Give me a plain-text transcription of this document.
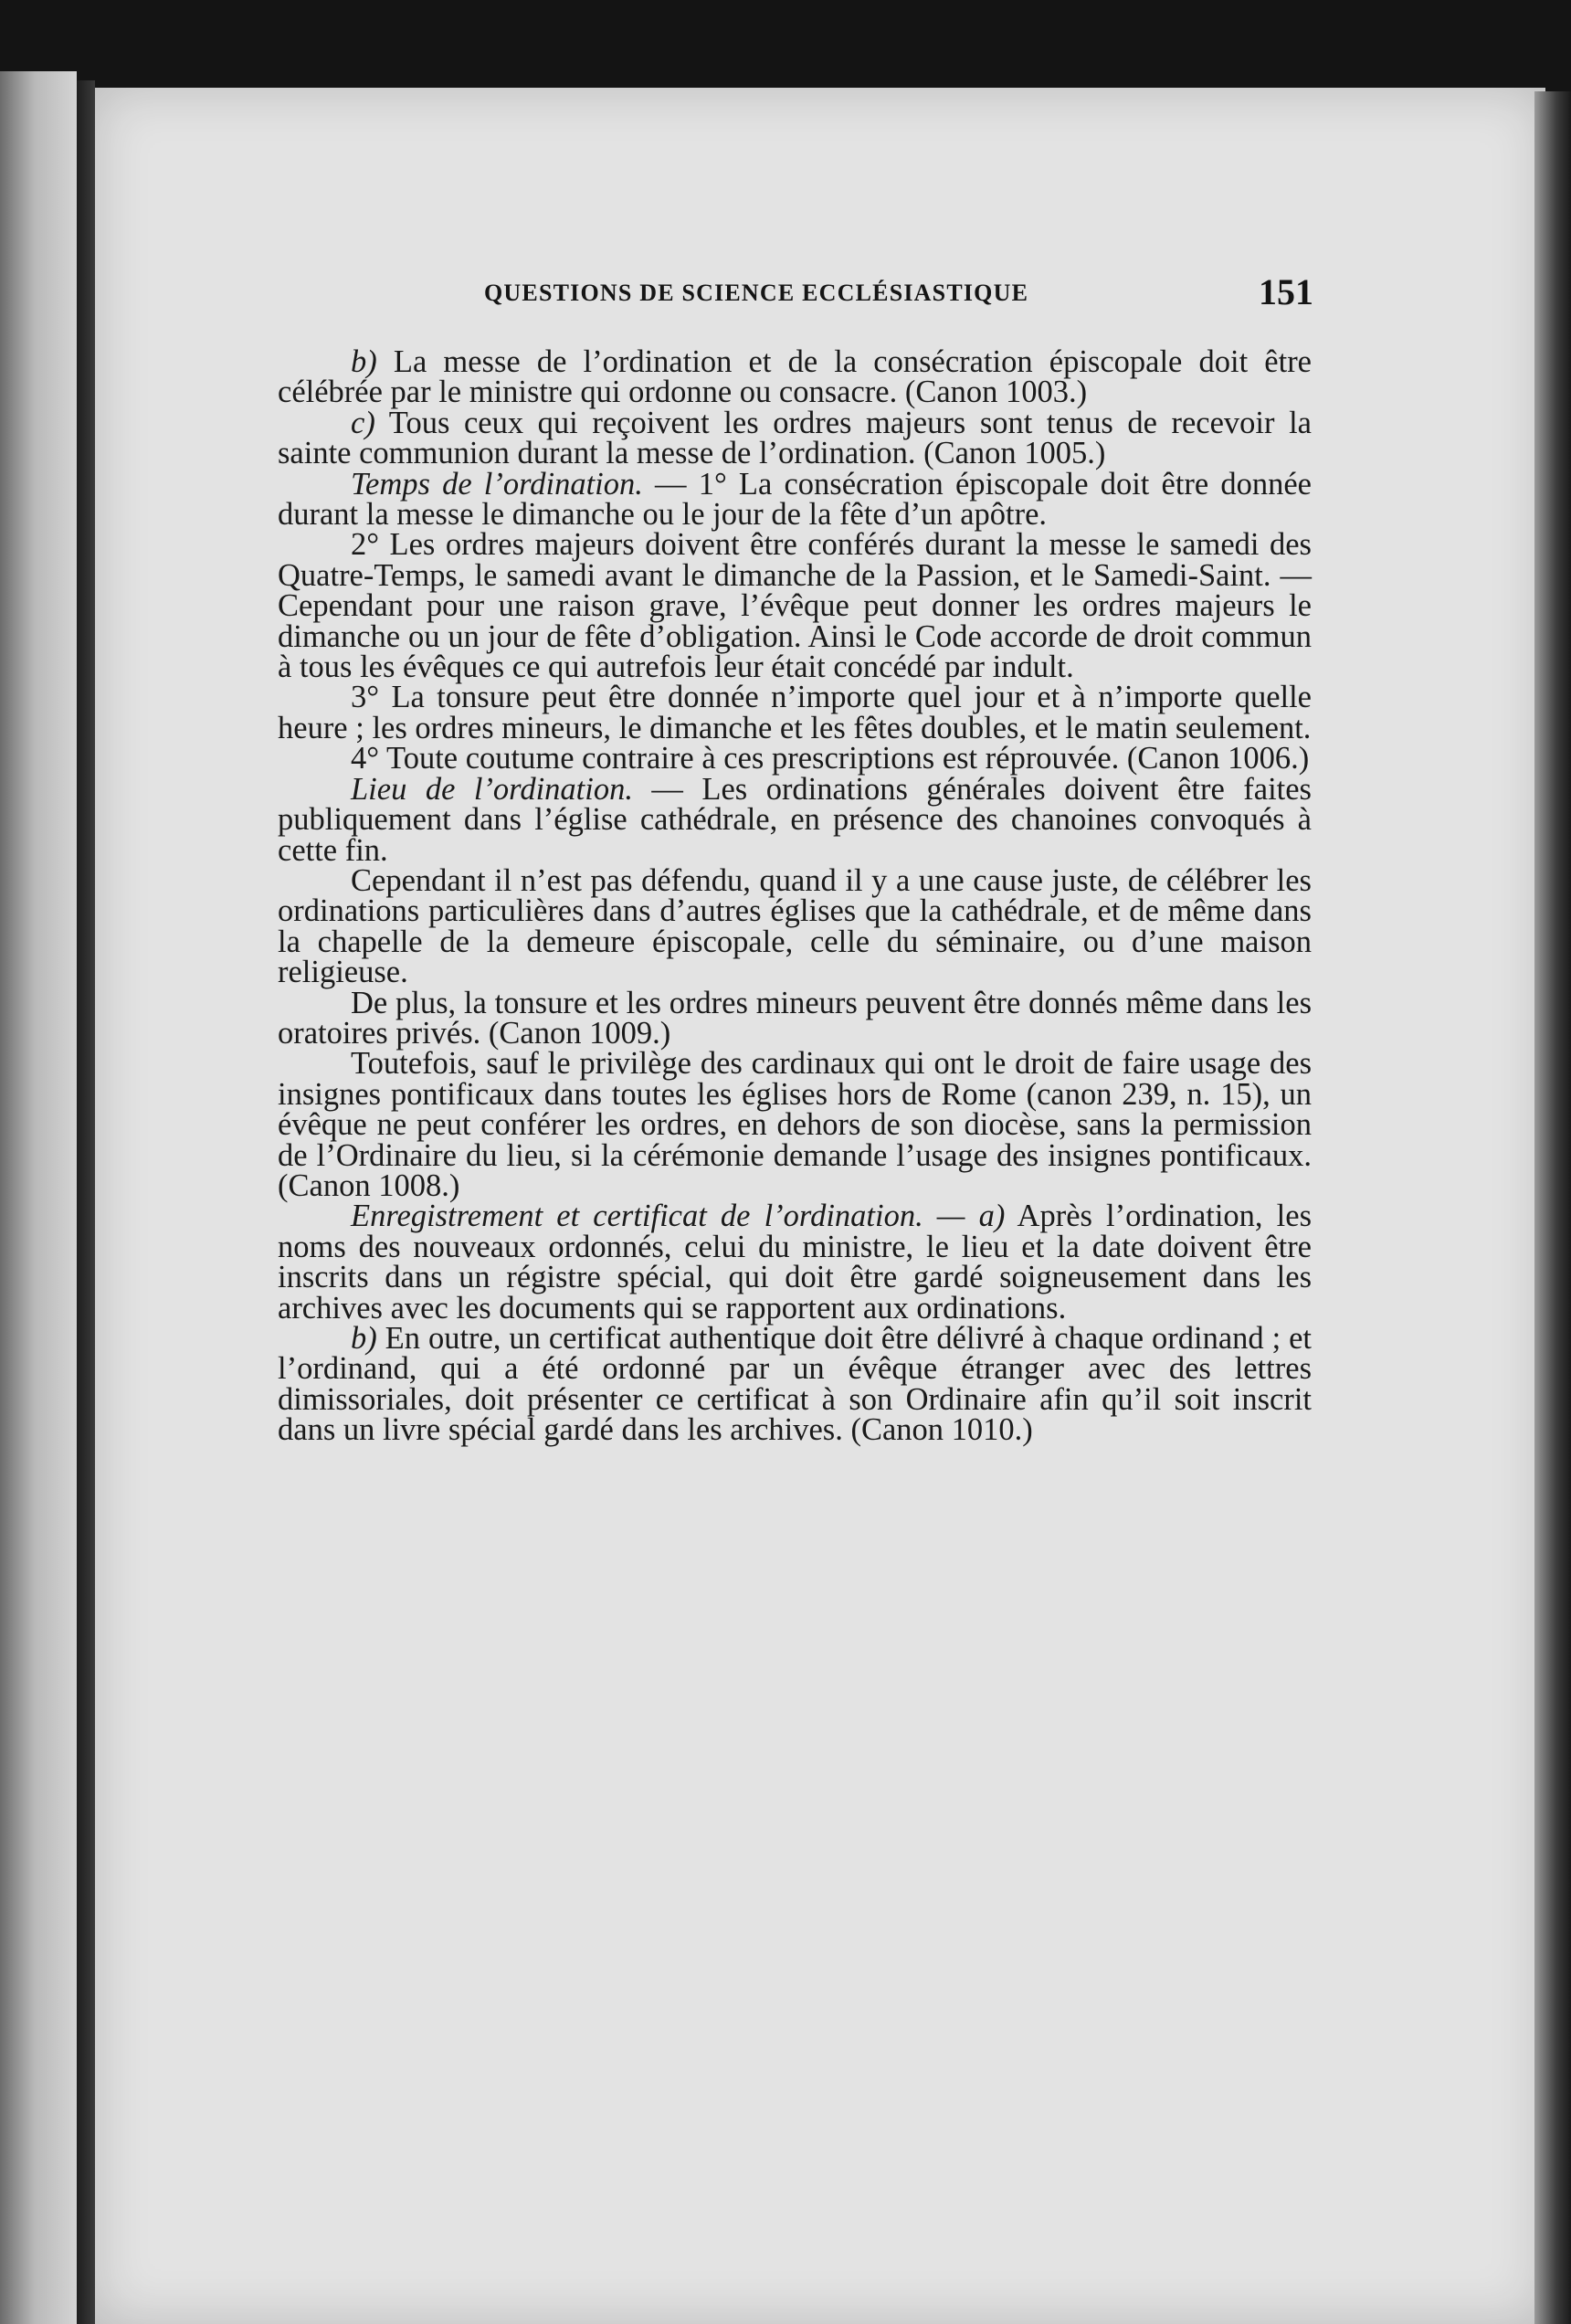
QUESTIONS DE SCIENCE ECCLÉSIASTIQUE	151

b) La messe de l’ordination et de la consécration épiscopale doit être célébrée par le ministre qui ordonne ou consacre. (Canon 1003.)

c) Tous ceux qui reçoivent les ordres majeurs sont tenus de recevoir la sainte communion durant la messe de l’ordination. (Canon 1005.)

Temps de l’ordination. — 1° La consécration épiscopale doit être donnée durant la messe le dimanche ou le jour de la fête d’un apôtre.

2° Les ordres majeurs doivent être conférés durant la messe le samedi des Quatre-Temps, le samedi avant le dimanche de la Passion, et le Samedi-Saint. — Cependant pour une raison grave, l’évêque peut donner les ordres majeurs le dimanche ou un jour de fête d’obligation. Ainsi le Code accorde de droit commun à tous les évêques ce qui autrefois leur était concédé par indult.

3° La tonsure peut être donnée n’importe quel jour et à n’importe quelle heure ; les ordres mineurs, le dimanche et les fêtes doubles, et le matin seulement.

4° Toute coutume contraire à ces prescriptions est réprouvée. (Canon 1006.)

Lieu de l’ordination. — Les ordinations générales doivent être faites publiquement dans l’église cathédrale, en présence des chanoines convoqués à cette fin.

Cependant il n’est pas défendu, quand il y a une cause juste, de célébrer les ordinations particulières dans d’autres églises que la cathédrale, et de même dans la chapelle de la demeure épiscopale, celle du séminaire, ou d’une maison religieuse.

De plus, la tonsure et les ordres mineurs peuvent être donnés même dans les oratoires privés. (Canon 1009.)

Toutefois, sauf le privilège des cardinaux qui ont le droit de faire usage des insignes pontificaux dans toutes les églises hors de Rome (canon 239, n. 15), un évêque ne peut conférer les ordres, en dehors de son diocèse, sans la permission de l’Ordinaire du lieu, si la cérémonie demande l’usage des insignes pontificaux. (Canon 1008.)

Enregistrement et certificat de l’ordination. — a) Après l’ordination, les noms des nouveaux ordonnés, celui du ministre, le lieu et la date doivent être inscrits dans un régistre spécial, qui doit être gardé soigneusement dans les archives avec les documents qui se rapportent aux ordinations.

b) En outre, un certificat authentique doit être délivré à chaque ordinand ; et l’ordinand, qui a été ordonné par un évêque étranger avec des lettres dimissoriales, doit présenter ce certificat à son Ordinaire afin qu’il soit inscrit dans un livre spécial gardé dans les archives. (Canon 1010.)
